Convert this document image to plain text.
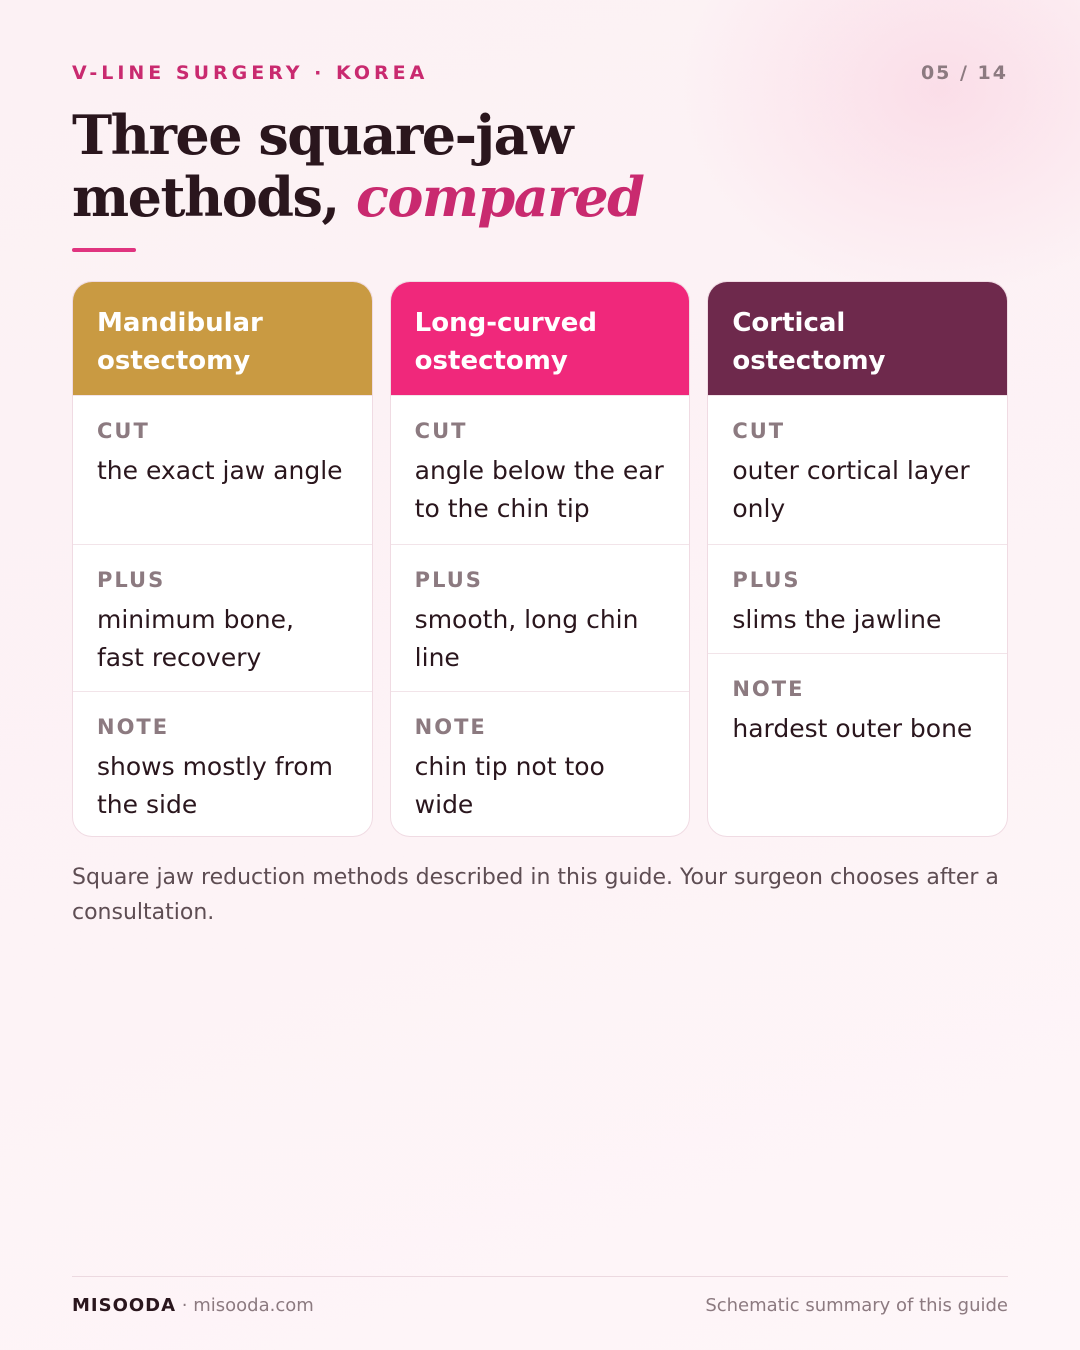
V-LINE SURGERY · KOREA	05 / 14
Three square-jaw
methods, compared
Mandibular ostectomy
CUT
the exact jaw angle
PLUS
minimum bone, fast recovery
NOTE
shows mostly from the side
Long-curved ostectomy
CUT
angle below the ear to the chin tip
PLUS
smooth, long chin line
NOTE
chin tip not too wide
Cortical ostectomy
CUT
outer cortical layer only
PLUS
slims the jawline
NOTE
hardest outer bone

Square jaw reduction methods described in this guide. Your surgeon chooses after a consultation.

MISOODA · misooda.com	Schematic summary of this guide
